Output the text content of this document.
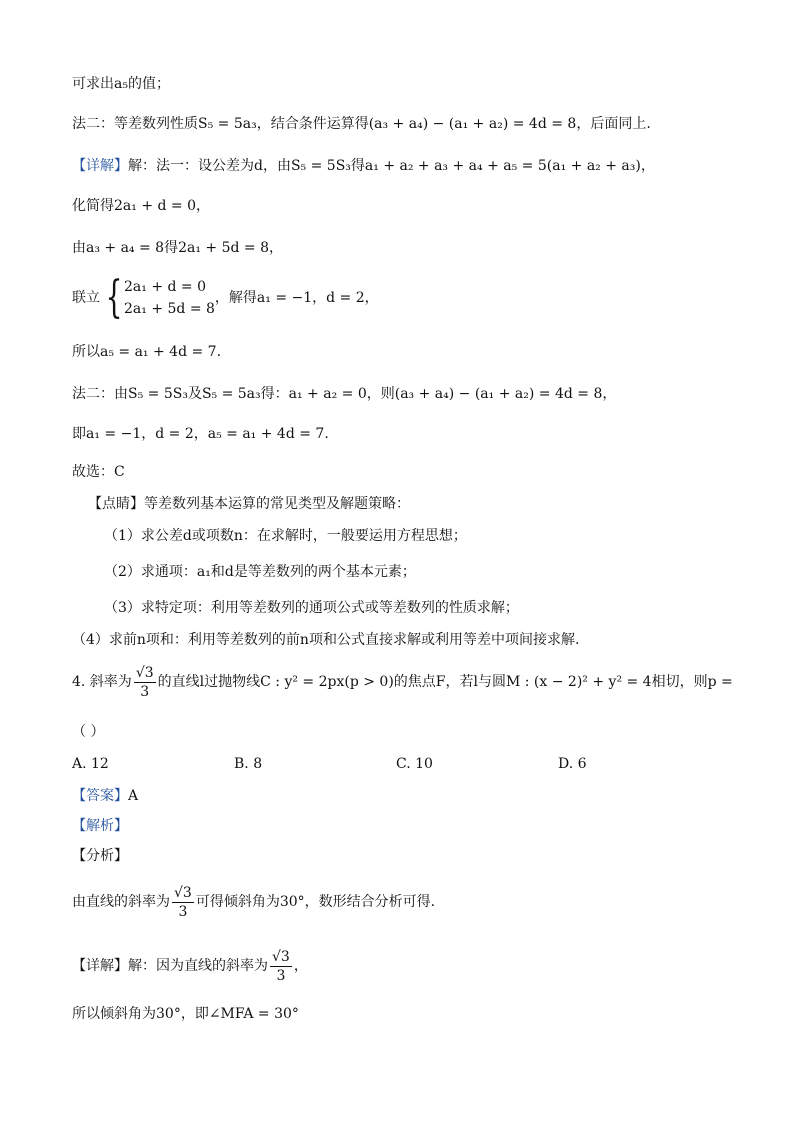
可求出a₅的值；
法二：等差数列性质S₅ = 5a₃，结合条件运算得(a₃ + a₄) − (a₁ + a₂) = 4d = 8，后面同上.
【详解】解：法一：设公差为d，由S₅ = 5S₃得a₁ + a₂ + a₃ + a₄ + a₅ = 5(a₁ + a₂ + a₃)，
化简得2a₁ + d = 0，
由a₃ + a₄ = 8得2a₁ + 5d = 8，
联立 { 2a₁ + d = 0
2a₁ + 5d = 8
，解得a₁ = −1，d = 2，
所以a₅ = a₁ + 4d = 7.
法二：由S₅ = 5S₃及S₅ = 5a₃得：a₁ + a₂ = 0，则(a₃ + a₄) − (a₁ + a₂) = 4d = 8，
即a₁ = −1，d = 2，a₅ = a₁ + 4d = 7.
故选：C
【点睛】等差数列基本运算的常见类型及解题策略：
（1）求公差d或项数n：在求解时，一般要运用方程思想；
（2）求通项：a₁和d是等差数列的两个基本元素；
（3）求特定项：利用等差数列的通项公式或等差数列的性质求解；
（4）求前n项和：利用等差数列的前n项和公式直接求解或利用等差中项间接求解.
4. 斜率为 $\frac{√3}{3}$ 的直线l过抛物线C : y² = 2px(p > 0)的焦点F，若l与圆M : (x − 2)² + y² = 4相切，则p =
（ ）
A. 12	B. 8	C. 10	D. 6
【答案】A
【解析】
【分析】
由直线的斜率为 $\frac{√3}{3}$ 可得倾斜角为30°，数形结合分析可得.
【详解】解：因为直线的斜率为 $\frac{√3}{3}$ ，
所以倾斜角为30°，即∠MFA = 30°
